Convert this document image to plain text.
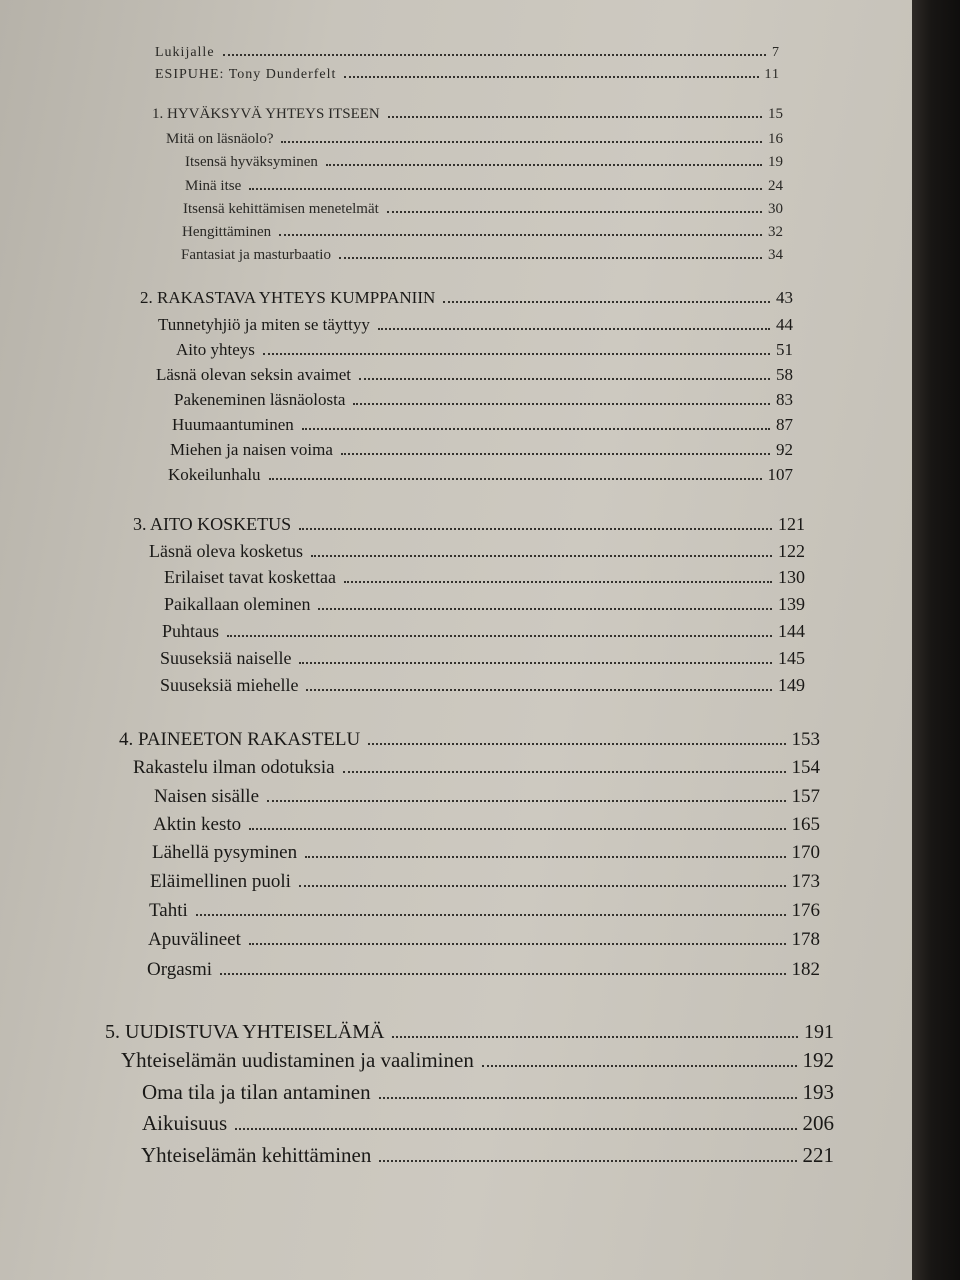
Lukijalle	7
ESIPUHE: Tony Dunderfelt	11
1. HYVÄKSYVÄ YHTEYS ITSEEN	15
Mitä on läsnäolo?	16
Itsensä hyväksyminen	19
Minä itse	24
Itsensä kehittämisen menetelmät	30
Hengittäminen	32
Fantasiat ja masturbaatio	34
2. RAKASTAVA YHTEYS KUMPPANIIN	43
Tunnetyhjiö ja miten se täyttyy	44
Aito yhteys	51
Läsnä olevan seksin avaimet	58
Pakeneminen läsnäolosta	83
Huumaantuminen	87
Miehen ja naisen voima	92
Kokeilunhalu	107
3. AITO KOSKETUS	121
Läsnä oleva kosketus	122
Erilaiset tavat koskettaa	130
Paikallaan oleminen	139
Puhtaus	144
Suuseksiä naiselle	145
Suuseksiä miehelle	149
4. PAINEETON RAKASTELU	153
Rakastelu ilman odotuksia	154
Naisen sisälle	157
Aktin kesto	165
Lähellä pysyminen	170
Eläimellinen puoli	173
Tahti	176
Apuvälineet	178
Orgasmi	182
5. UUDISTUVA YHTEISELÄMÄ	191
Yhteiselämän uudistaminen ja vaaliminen	192
Oma tila ja tilan antaminen	193
Aikuisuus	206
Yhteiselämän kehittäminen	221
